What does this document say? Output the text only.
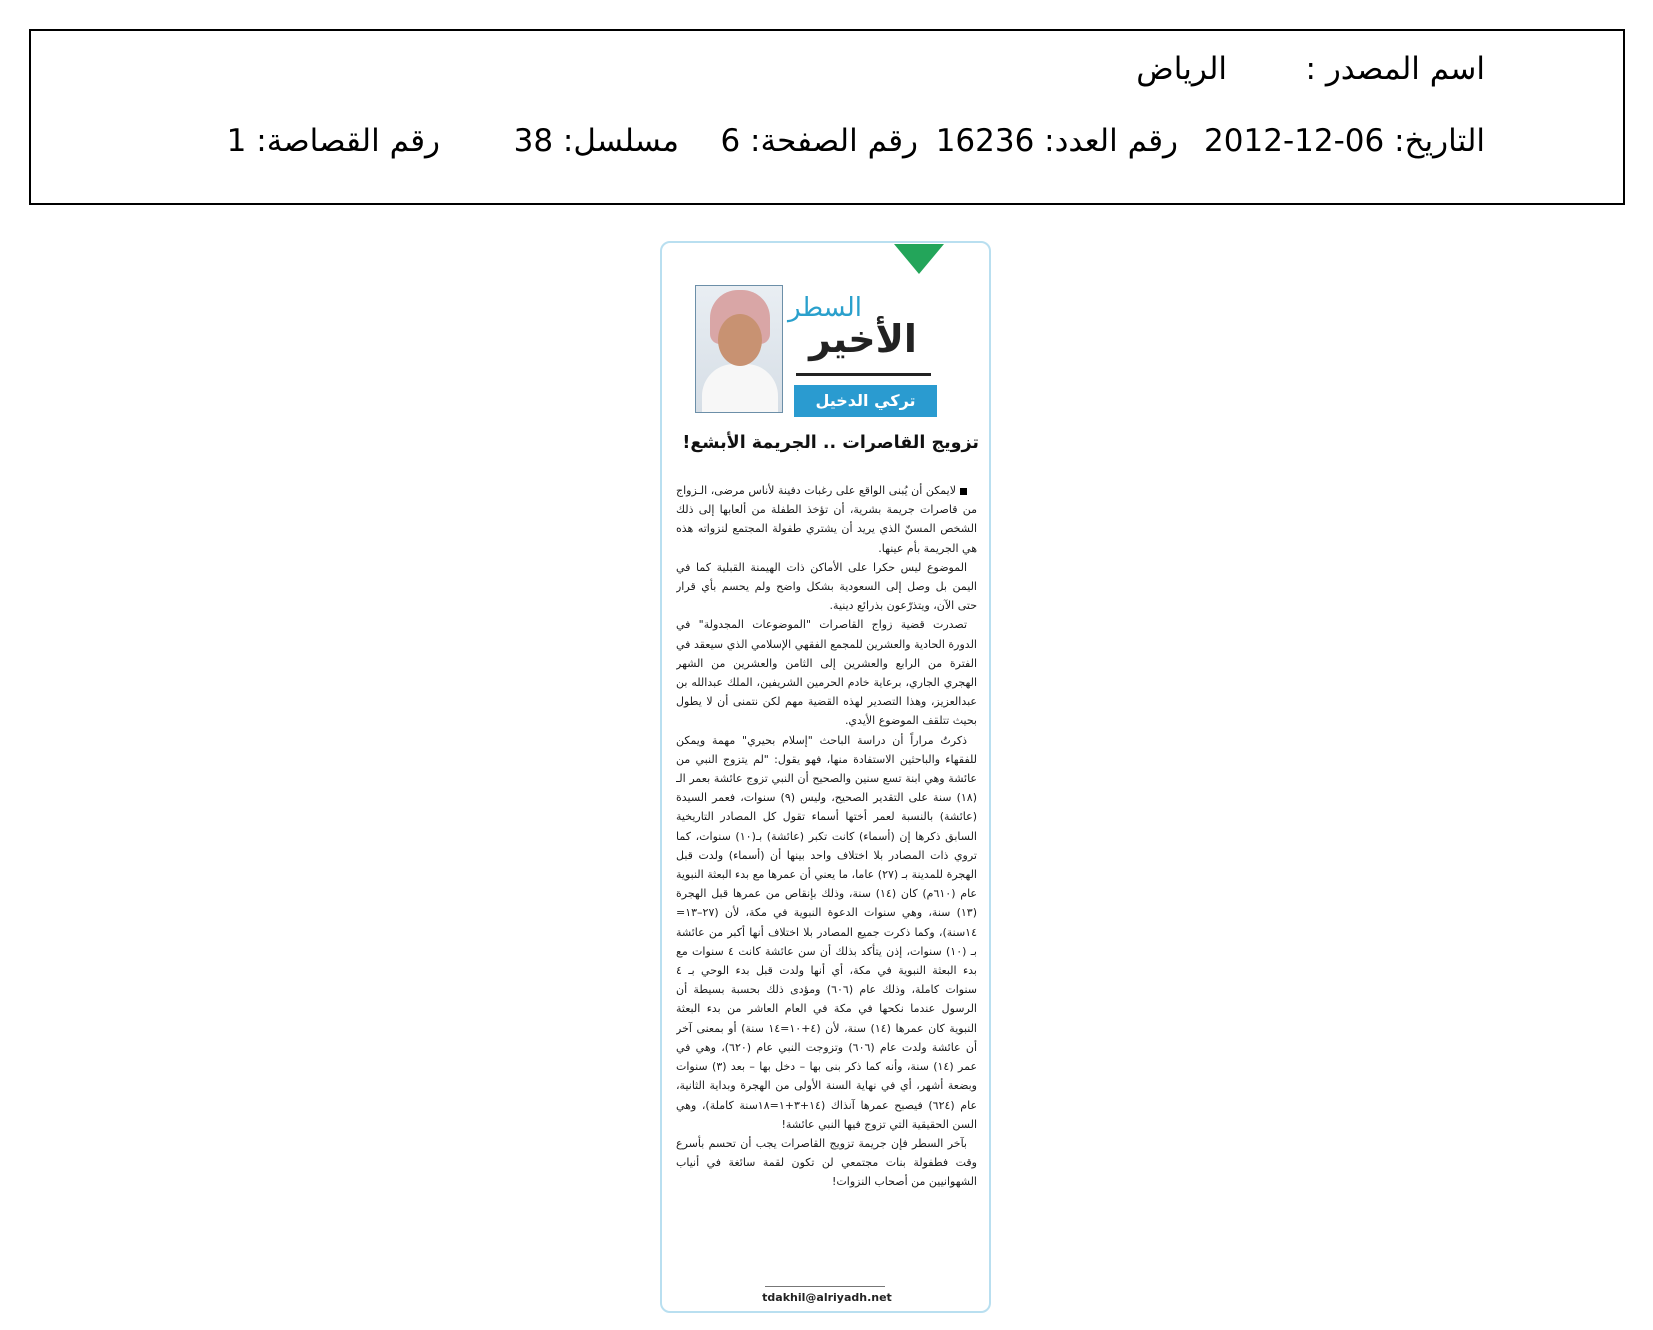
اسم المصدر :
الرياض
التاريخ: 06-12-2012
رقم العدد: 16236
رقم الصفحة: 6
مسلسل: 38
رقم القصاصة: 1
السطر
الأخير
تركي الدخيل
تزويج القاصرات .. الجريمة الأبشع!

لايمكن أن يُبنى الواقع على رغبات دفينة لأناس مرضى، الـزواج من قاصرات جريمة بشرية، أن تؤخذ الطفلة من ألعابها إلى ذلك الشخص المسنّ الذي يريد أن يشتري طفولة المجتمع لنزواته هذه هي الجريمة بأم عينها.

الموضوع ليس حكرا على الأماكن ذات الهيمنة القبلية كما في اليمن بل وصل إلى السعودية بشكل واضح ولم يحسم بأي قرار حتى الآن، ويتذرّعون بذرائع دينية.

تصدرت قضية زواج القاصرات "الموضوعات المجدولة" في الدورة الحادية والعشرين للمجمع الفقهي الإسلامي الذي سيعقد في الفترة من الرابع والعشرين إلى الثامن والعشرين من الشهر الهجري الجاري، برعاية خادم الحرمين الشريفين، الملك عبدالله بن عبدالعزيز، وهذا التصدير لهذه القضية مهم لكن نتمنى أن لا يطول بحيث تتلقف الموضوع الأيدي.

ذكرتُ مراراً أن دراسة الباحث "إسلام بحيري" مهمة ويمكن للفقهاء والباحثين الاستفادة منها، فهو يقول: "لم يتزوج النبي من عائشة وهي ابنة تسع سنين والصحيح أن النبي تزوج عائشة بعمر الـ (١٨) سنة على التقدير الصحيح، وليس (٩) سنوات، فعمر السيدة (عائشة) بالنسبة لعمر أختها أسماء تقول كل المصادر التاريخية السابق ذكرها إن (أسماء) كانت تكبر (عائشة) بـ(١٠) سنوات، كما تروي ذات المصادر بلا اختلاف واحد بينها أن (أسماء) ولدت قبل الهجرة للمدينة بـ (٢٧) عاما، ما يعني أن عمرها مع بدء البعثة النبوية عام (٦١٠م) كان (١٤) سنة، وذلك بإنقاص من عمرها قبل الهجرة (١٣) سنة، وهي سنوات الدعوة النبوية في مكة، لأن (٢٧–١٣= ١٤سنة)، وكما ذكرت جميع المصادر بلا اختلاف أنها أكبر من عائشة بـ (١٠) سنوات، إذن يتأكد بذلك أن سن عائشة كانت ٤ سنوات مع بدء البعثة النبوية في مكة، أي أنها ولدت قبل بدء الوحي بـ ٤ سنوات كاملة، وذلك عام (٦٠٦) ومؤدى ذلك بحسبة بسيطة أن الرسول عندما نكحها في مكة في العام العاشر من بدء البعثة النبوية كان عمرها (١٤) سنة، لأن (٤+١٠=١٤ سنة) أو بمعنى آخر أن عائشة ولدت عام (٦٠٦) وتزوجت النبي عام (٦٢٠)، وهي في عمر (١٤) سنة، وأنه كما ذكر بنى بها – دخل بها – بعد (٣) سنوات وبضعة أشهر، أي في نهاية السنة الأولى من الهجرة وبداية الثانية، عام (٦٢٤) فيصبح عمرها آنذاك (١٤+٣+١=١٨سنة كاملة)، وهي السن الحقيقية التي تزوج فيها النبي عائشة!

بآخر السطر فإن جريمة تزويج القاصرات يجب أن تحسم بأسرع وقت فطفولة بنات مجتمعي لن تكون لقمة سائغة في أنياب الشهوانيين من أصحاب النزوات!

tdakhil@alriyadh.net
